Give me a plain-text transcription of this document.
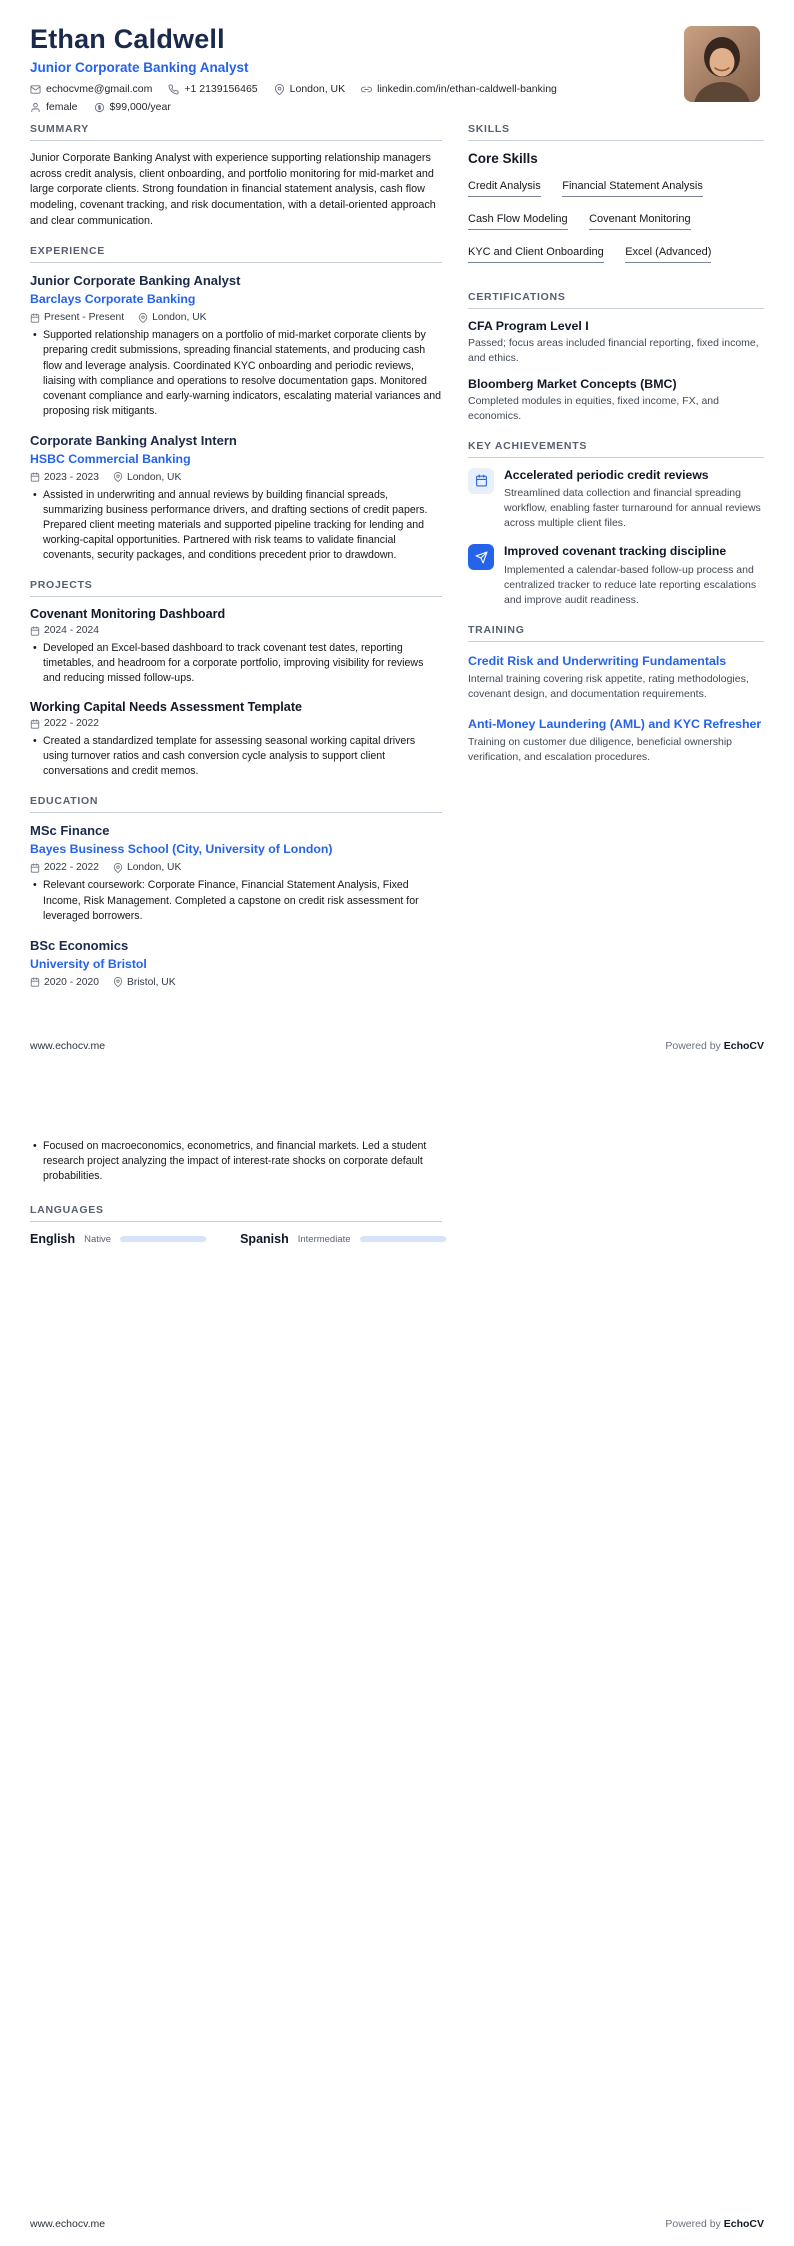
Ethan Caldwell
Junior Corporate Banking Analyst
echocvme@gmail.com	+1 2139156465	London, UK	linkedin.com/in/ethan-caldwell-banking
female	$99,000/year
SUMMARY

Junior Corporate Banking Analyst with experience supporting relationship managers across credit analysis, client onboarding, and portfolio monitoring for mid-market and large corporate clients. Strong foundation in financial statement analysis, cash flow modeling, covenant tracking, and risk documentation, with a detail-oriented approach and clear communication.

EXPERIENCE
Junior Corporate Banking Analyst
Barclays Corporate Banking
Present - Present	London, UK
• Supported relationship managers on a portfolio of mid-market corporate clients by preparing credit submissions, spreading financial statements, and producing cash flow and leverage analysis. Coordinated KYC onboarding and periodic reviews, liaising with compliance and operations to resolve documentation gaps. Monitored covenant compliance and early-warning indicators, escalating material variances and proposing risk mitigants.
Corporate Banking Analyst Intern
HSBC Commercial Banking
2023 - 2023	London, UK
• Assisted in underwriting and annual reviews by building financial spreads, summarizing business performance drivers, and drafting sections of credit papers. Prepared client meeting materials and supported pipeline tracking for lending and working-capital opportunities. Partnered with risk teams to validate financial covenants, security packages, and conditions precedent prior to drawdown.
PROJECTS
Covenant Monitoring Dashboard
2024 - 2024
• Developed an Excel-based dashboard to track covenant test dates, reporting timetables, and headroom for a corporate portfolio, improving visibility for reviews and reducing missed follow-ups.
Working Capital Needs Assessment Template
2022 - 2022
• Created a standardized template for assessing seasonal working capital drivers using turnover ratios and cash conversion cycle analysis to support client conversations and credit memos.
EDUCATION
MSc Finance
Bayes Business School (City, University of London)
2022 - 2022	London, UK
• Relevant coursework: Corporate Finance, Financial Statement Analysis, Fixed Income, Risk Management. Completed a capstone on credit risk assessment for leveraged borrowers.
BSc Economics
University of Bristol
2020 - 2020	Bristol, UK
SKILLS
Core Skills
Credit Analysis Financial Statement Analysis Cash Flow Modeling Covenant Monitoring KYC and Client Onboarding Excel (Advanced)
CERTIFICATIONS
CFA Program Level I
Passed; focus areas included financial reporting, fixed income, and ethics.
Bloomberg Market Concepts (BMC)
Completed modules in equities, fixed income, FX, and economics.
KEY ACHIEVEMENTS
Accelerated periodic credit reviews
Streamlined data collection and financial spreading workflow, enabling faster turnaround for annual reviews across multiple client files.
Improved covenant tracking discipline
Implemented a calendar-based follow-up process and centralized tracker to reduce late reporting escalations and improve audit readiness.
TRAINING
Credit Risk and Underwriting Fundamentals
Internal training covering risk appetite, rating methodologies, covenant design, and documentation requirements.
Anti-Money Laundering (AML) and KYC Refresher
Training on customer due diligence, beneficial ownership verification, and escalation procedures.
www.echocv.me	Powered by EchoCV
• Focused on macroeconomics, econometrics, and financial markets. Led a student research project analyzing the impact of interest-rate shocks on corporate default probabilities.
LANGUAGES
English Native	Spanish Intermediate
www.echocv.me	Powered by EchoCV
